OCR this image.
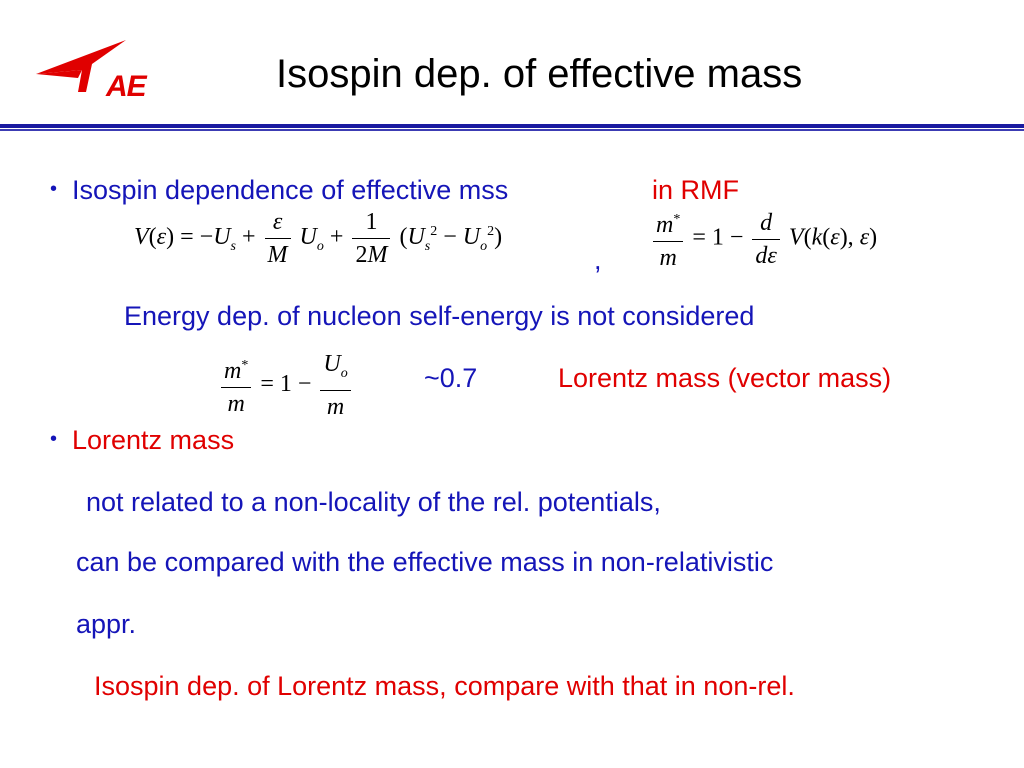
AE	Isospin dep. of effective mass
• Isospin dependence of effective mss	in RMF
$V(\varepsilon) = -U_s + \frac{\varepsilon}{M} U_o + \frac{1}{2M} (U_s^2 - U_o^2)$
, $\frac{m^*}{m} = 1 - \frac{d}{d\varepsilon} V(k(\varepsilon)$, ε)
Energy dep. of nucleon self-energy is not considered
$\frac{m^*}{m} = 1 - \frac{U_o}{m}$	~0.7	Lorentz mass (vector mass)
• Lorentz mass
not related to a non-locality of the rel. potentials,
can be compared with the effective mass in non-relativistic
appr.
Isospin dep. of Lorentz mass, compare with that in non-rel.
